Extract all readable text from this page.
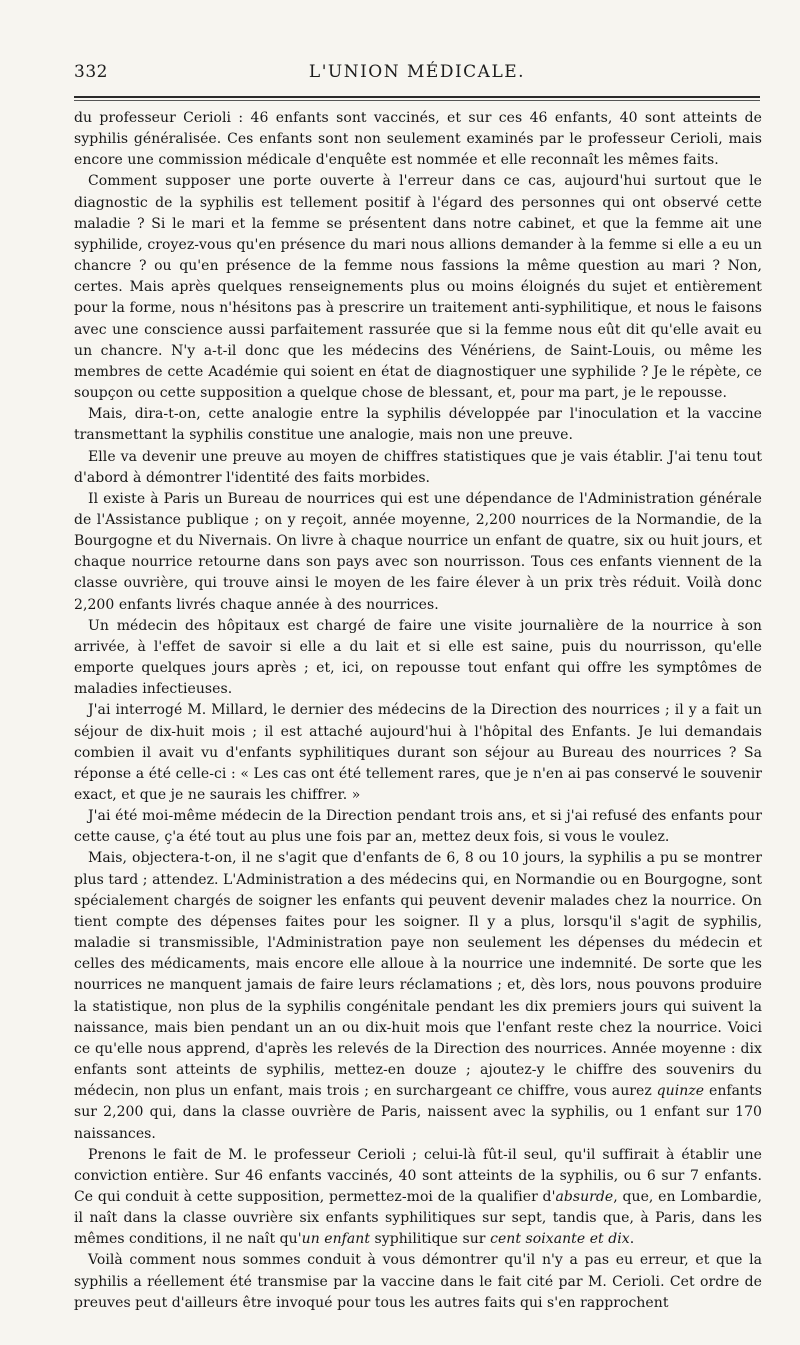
332	L'UNION MÉDICALE.

du professeur Cerioli : 46 enfants sont vaccinés, et sur ces 46 enfants, 40 sont atteints de syphilis généralisée. Ces enfants sont non seulement examinés par le professeur Cerioli, mais encore une commission médicale d'enquête est nommée et elle reconnaît les mêmes faits.

Comment supposer une porte ouverte à l'erreur dans ce cas, aujourd'hui surtout que le diagnostic de la syphilis est tellement positif à l'égard des personnes qui ont observé cette maladie ? Si le mari et la femme se présentent dans notre cabinet, et que la femme ait une syphilide, croyez-vous qu'en présence du mari nous allions demander à la femme si elle a eu un chancre ? ou qu'en présence de la femme nous fassions la même question au mari ? Non, certes. Mais après quelques renseignements plus ou moins éloignés du sujet et entièrement pour la forme, nous n'hésitons pas à prescrire un traitement anti-syphilitique, et nous le faisons avec une conscience aussi parfaitement rassurée que si la femme nous eût dit qu'elle avait eu un chancre. N'y a-t-il donc que les médecins des Vénériens, de Saint-Louis, ou même les membres de cette Académie qui soient en état de diagnostiquer une syphilide ? Je le répète, ce soupçon ou cette supposition a quelque chose de blessant, et, pour ma part, je le repousse.

Mais, dira-t-on, cette analogie entre la syphilis développée par l'inoculation et la vaccine transmettant la syphilis constitue une analogie, mais non une preuve.

Elle va devenir une preuve au moyen de chiffres statistiques que je vais établir. J'ai tenu tout d'abord à démontrer l'identité des faits morbides.

Il existe à Paris un Bureau de nourrices qui est une dépendance de l'Administration générale de l'Assistance publique ; on y reçoit, année moyenne, 2,200 nourrices de la Normandie, de la Bourgogne et du Nivernais. On livre à chaque nourrice un enfant de quatre, six ou huit jours, et chaque nourrice retourne dans son pays avec son nourrisson. Tous ces enfants viennent de la classe ouvrière, qui trouve ainsi le moyen de les faire élever à un prix très réduit. Voilà donc 2,200 enfants livrés chaque année à des nourrices.

Un médecin des hôpitaux est chargé de faire une visite journalière de la nourrice à son arrivée, à l'effet de savoir si elle a du lait et si elle est saine, puis du nourrisson, qu'elle emporte quelques jours après ; et, ici, on repousse tout enfant qui offre les symptômes de maladies infectieuses.

J'ai interrogé M. Millard, le dernier des médecins de la Direction des nourrices ; il y a fait un séjour de dix-huit mois ; il est attaché aujourd'hui à l'hôpital des Enfants. Je lui demandais combien il avait vu d'enfants syphilitiques durant son séjour au Bureau des nourrices ? Sa réponse a été celle-ci : « Les cas ont été tellement rares, que je n'en ai pas conservé le souvenir exact, et que je ne saurais les chiffrer. »

J'ai été moi-même médecin de la Direction pendant trois ans, et si j'ai refusé des enfants pour cette cause, ç'a été tout au plus une fois par an, mettez deux fois, si vous le voulez.

Mais, objectera-t-on, il ne s'agit que d'enfants de 6, 8 ou 10 jours, la syphilis a pu se montrer plus tard ; attendez. L'Administration a des médecins qui, en Normandie ou en Bourgogne, sont spécialement chargés de soigner les enfants qui peuvent devenir malades chez la nourrice. On tient compte des dépenses faites pour les soigner. Il y a plus, lorsqu'il s'agit de syphilis, maladie si transmissible, l'Administration paye non seulement les dépenses du médecin et celles des médicaments, mais encore elle alloue à la nourrice une indemnité. De sorte que les nourrices ne manquent jamais de faire leurs réclamations ; et, dès lors, nous pouvons produire la statistique, non plus de la syphilis congénitale pendant les dix premiers jours qui suivent la naissance, mais bien pendant un an ou dix-huit mois que l'enfant reste chez la nourrice. Voici ce qu'elle nous apprend, d'après les relevés de la Direction des nourrices. Année moyenne : dix enfants sont atteints de syphilis, mettez-en douze ; ajoutez-y le chiffre des souvenirs du médecin, non plus un enfant, mais trois ; en surchargeant ce chiffre, vous aurez quinze enfants sur 2,200 qui, dans la classe ouvrière de Paris, naissent avec la syphilis, ou 1 enfant sur 170 naissances.

Prenons le fait de M. le professeur Cerioli ; celui-là fût-il seul, qu'il suffirait à établir une conviction entière. Sur 46 enfants vaccinés, 40 sont atteints de la syphilis, ou 6 sur 7 enfants. Ce qui conduit à cette supposition, permettez-moi de la qualifier d'absurde, que, en Lombardie, il naît dans la classe ouvrière six enfants syphilitiques sur sept, tandis que, à Paris, dans les mêmes conditions, il ne naît qu'un enfant syphilitique sur cent soixante et dix.

Voilà comment nous sommes conduit à vous démontrer qu'il n'y a pas eu erreur, et que la syphilis a réellement été transmise par la vaccine dans le fait cité par M. Cerioli. Cet ordre de preuves peut d'ailleurs être invoqué pour tous les autres faits qui s'en rapprochent
